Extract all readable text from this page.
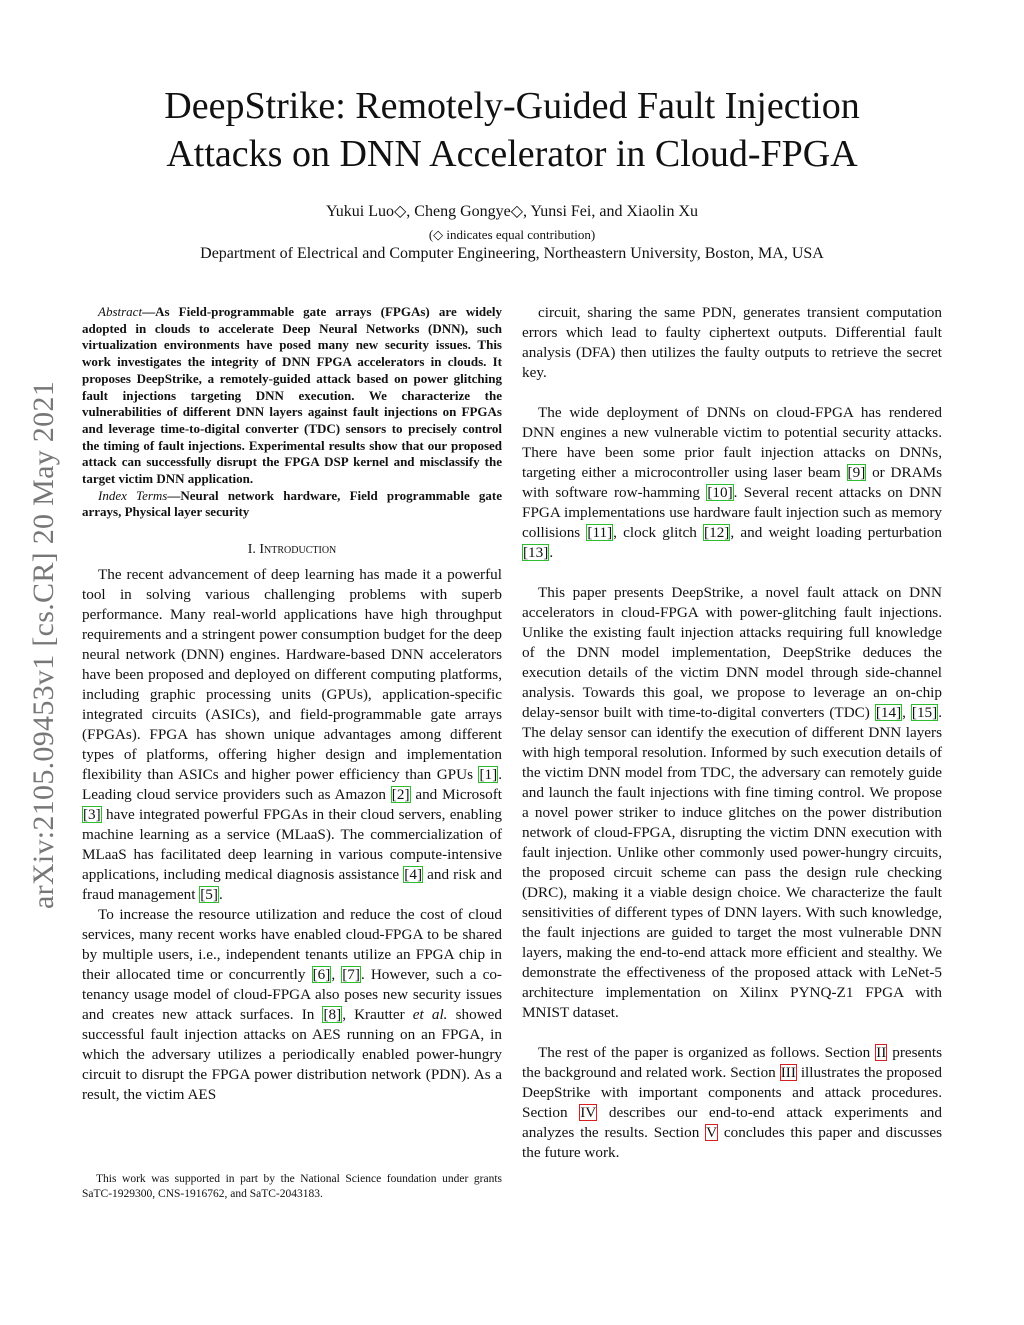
DeepStrike: Remotely-Guided Fault Injection
Attacks on DNN Accelerator in Cloud-FPGA
Yukui Luo◇, Cheng Gongye◇, Yunsi Fei, and Xiaolin Xu
(◇ indicates equal contribution)
Department of Electrical and Computer Engineering, Northeastern University, Boston, MA, USA
arXiv:2105.09453v1 [cs.CR] 20 May 2021

Abstract—As Field-programmable gate arrays (FPGAs) are widely adopted in clouds to accelerate Deep Neural Networks (DNN), such virtualization environments have posed many new security issues. This work investigates the integrity of DNN FPGA accelerators in clouds. It proposes DeepStrike, a remotely-guided attack based on power glitching fault injections targeting DNN execution. We characterize the vulnerabilities of different DNN layers against fault injections on FPGAs and leverage time-to-digital converter (TDC) sensors to precisely control the timing of fault injections. Experimental results show that our proposed attack can successfully disrupt the FPGA DSP kernel and misclassify the target victim DNN application.

Index Terms—Neural network hardware, Field programmable gate arrays, Physical layer security

I. Introduction

The recent advancement of deep learning has made it a powerful tool in solving various challenging problems with superb performance. Many real-world applications have high throughput requirements and a stringent power consumption budget for the deep neural network (DNN) engines. Hardware-based DNN accelerators have been proposed and deployed on different computing platforms, including graphic processing units (GPUs), application-specific integrated circuits (ASICs), and field-programmable gate arrays (FPGAs). FPGA has shown unique advantages among different types of platforms, offering higher design and implementation flexibility than ASICs and higher power efficiency than GPUs [1]. Leading cloud service providers such as Amazon [2] and Microsoft [3] have integrated powerful FPGAs in their cloud servers, enabling machine learning as a service (MLaaS). The commercialization of MLaaS has facilitated deep learning in various compute-intensive applications, including medical diagnosis assistance [4] and risk and fraud management [5].

To increase the resource utilization and reduce the cost of cloud services, many recent works have enabled cloud-FPGA to be shared by multiple users, i.e., independent tenants utilize an FPGA chip in their allocated time or concurrently [6], [7]. However, such a co-tenancy usage model of cloud-FPGA also poses new security issues and creates new attack surfaces. In [8], Krautter et al. showed successful fault injection attacks on AES running on an FPGA, in which the adversary utilizes a periodically enabled power-hungry circuit to disrupt the FPGA power distribution network (PDN). As a result, the victim AES

This work was supported in part by the National Science foundation under grants SaTC-1929300, CNS-1916762, and SaTC-2043183.

circuit, sharing the same PDN, generates transient computation errors which lead to faulty ciphertext outputs. Differential fault analysis (DFA) then utilizes the faulty outputs to retrieve the secret key.

The wide deployment of DNNs on cloud-FPGA has rendered DNN engines a new vulnerable victim to potential security attacks. There have been some prior fault injection attacks on DNNs, targeting either a microcontroller using laser beam [9] or DRAMs with software row-hamming [10]. Several recent attacks on DNN FPGA implementations use hardware fault injection such as memory collisions [11], clock glitch [12], and weight loading perturbation [13].

This paper presents DeepStrike, a novel fault attack on DNN accelerators in cloud-FPGA with power-glitching fault injections. Unlike the existing fault injection attacks requiring full knowledge of the DNN model implementation, DeepStrike deduces the execution details of the victim DNN model through side-channel analysis. Towards this goal, we propose to leverage an on-chip delay-sensor built with time-to-digital converters (TDC) [14], [15]. The delay sensor can identify the execution of different DNN layers with high temporal resolution. Informed by such execution details of the victim DNN model from TDC, the adversary can remotely guide and launch the fault injections with fine timing control. We propose a novel power striker to induce glitches on the power distribution network of cloud-FPGA, disrupting the victim DNN execution with fault injection. Unlike other commonly used power-hungry circuits, the proposed circuit scheme can pass the design rule checking (DRC), making it a viable design choice. We characterize the fault sensitivities of different types of DNN layers. With such knowledge, the fault injections are guided to target the most vulnerable DNN layers, making the end-to-end attack more efficient and stealthy. We demonstrate the effectiveness of the proposed attack with LeNet-5 architecture implementation on Xilinx PYNQ-Z1 FPGA with MNIST dataset.

The rest of the paper is organized as follows. Section II presents the background and related work. Section III illustrates the proposed DeepStrike with important components and attack procedures. Section IV describes our end-to-end attack experiments and analyzes the results. Section V concludes this paper and discusses the future work.
